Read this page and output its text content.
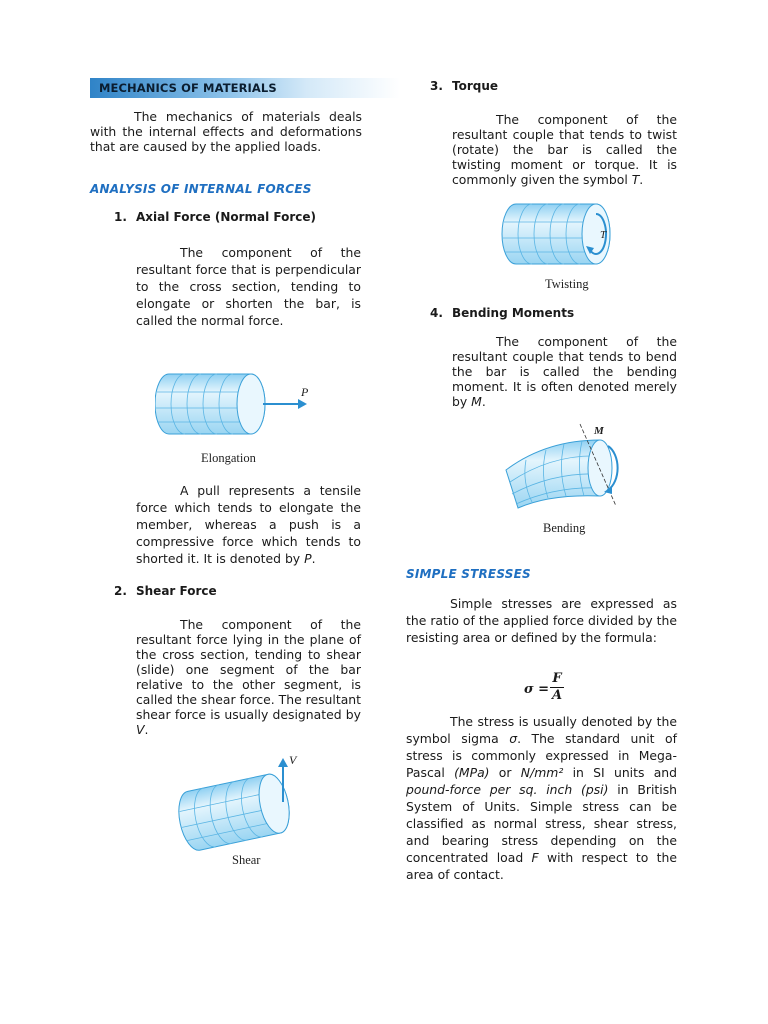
MECHANICS OF MATERIALS

The mechanics of materials deals with the internal effects and deformations that are caused by the applied loads.

ANALYSIS OF INTERNAL FORCES
1. Axial Force (Normal Force)

The component of the resultant force that is perpendicular to the cross section, tending to elongate or shorten the bar, is called the normal force.

P
Elongation

A pull represents a tensile force which tends to elongate the member, whereas a push is a compressive force which tends to shorted it. It is denoted by P.

2. Shear Force

The component of the resultant force lying in the plane of the cross section, tending to shear (slide) one segment of the bar relative to the other segment, is called the shear force. The resultant shear force is usually designated by V.

V
Shear
3. Torque

The component of the resultant couple that tends to twist (rotate) the bar is called the twisting moment or torque. It is commonly given the symbol T.

T
Twisting
4. Bending Moments

The component of the resultant couple that tends to bend the bar is called the bending moment. It is often denoted merely by M.

M
Bending
SIMPLE STRESSES

Simple stresses are expressed as the ratio of the applied force divided by the resisting area or defined by the formula:

σ =
F
A

The stress is usually denoted by the symbol sigma σ. The standard unit of stress is commonly expressed in Mega-Pascal (MPa) or N/mm² in SI units and pound-force per sq. inch (psi) in British System of Units. Simple stress can be classified as normal stress, shear stress, and bearing stress depending on the concentrated load F with respect to the area of contact.
